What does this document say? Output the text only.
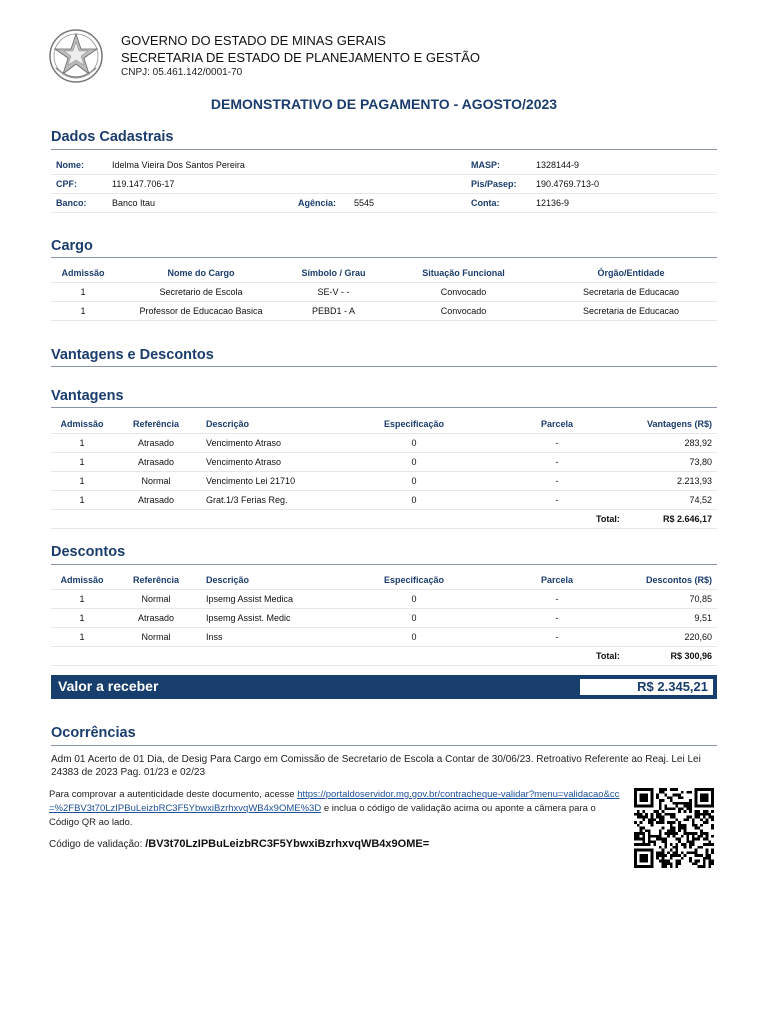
GOVERNO DO ESTADO DE MINAS GERAIS
SECRETARIA DE ESTADO DE PLANEJAMENTO E GESTÃO
CNPJ: 05.461.142/0001-70
DEMONSTRATIVO DE PAGAMENTO - AGOSTO/2023
Dados Cadastrais
Nome:	Idelma Vieira Dos Santos Pereira	MASP:	1328144-9
CPF:	119.147.706-17	Pis/Pasep: 190.4769.713-0
Banco:	Banco Itau	Agência: 5545	Conta:	12136-9
Cargo
Admissão	Nome do Cargo	Símbolo / Grau	Situação Funcional	Órgão/Entidade
1	Secretario de Escola	SE-V - -	Convocado	Secretaria de Educacao
1	Professor de Educacao Basica	PEBD1 - A	Convocado	Secretaria de Educacao
Vantagens e Descontos
Vantagens
Admissão	Referência	Descrição	Especificação	Parcela	Vantagens (R$)
1	Atrasado	Vencimento Atraso	0	-	283,92
1	Atrasado	Vencimento Atraso	0	-	73,80
1	Normal	Vencimento Lei 21710	0	-	2.213,93
1	Atrasado	Grat.1/3 Ferias Reg.	0	-	74,52
Total:	R$ 2.646,17
Descontos
Admissão	Referência	Descrição	Especificação	Parcela	Descontos (R$)
1	Normal	Ipsemg Assist Medica	0	-	70,85
1	Atrasado	Ipsemg Assist. Medic	0	-	9,51
1	Normal	Inss	0	-	220,60
Total:	R$ 300,96
Valor a receber	R$ 2.345,21
Ocorrências
Adm 01 Acerto de 01 Dia, de Desig Para Cargo em Comissão de Secretario de Escola a Contar de 30/06/23. Retroativo Referente ao Reaj. Lei Lei 24383 de 2023 Pag. 01/23 e 02/23
Para comprovar a autenticidade deste documento, acesse https://portaldoservidor.mg.gov.br/contracheque-validar?menu=validacao&cc=%2FBV3t70LzIPBuLeizbRC3F5YbwxiBzrhxvqWB4x9OME%3D e inclua o código de validação acima ou aponte a câmera para o Código QR ao lado.
Código de validação: /BV3t70LzIPBuLeizbRC3F5YbwxiBzrhxvqWB4x9OME=
